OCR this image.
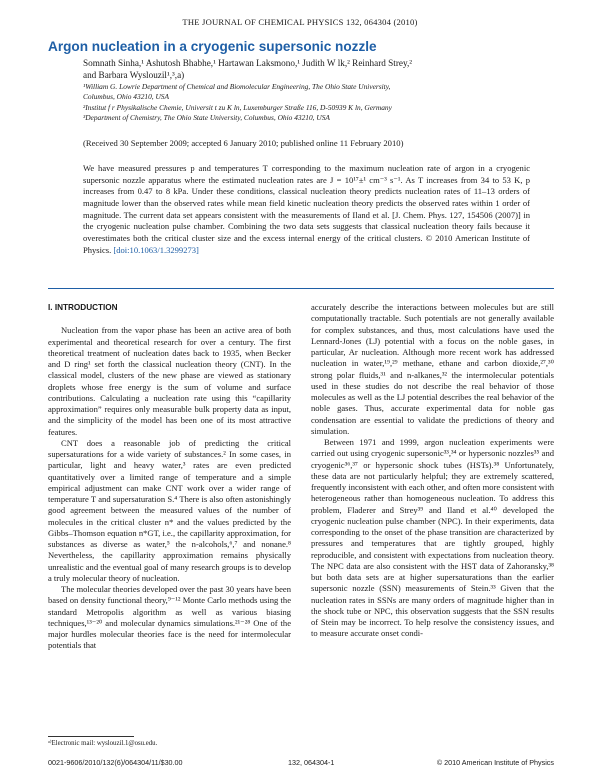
THE JOURNAL OF CHEMICAL PHYSICS 132, 064304 (2010)
Argon nucleation in a cryogenic supersonic nozzle
Somnath Sinha,¹ Ashutosh Bhabhe,¹ Hartawan Laksmono,¹ Judith W lk,² Reinhard Strey,²
and Barbara Wyslouzil¹,³,a)
¹William G. Lowrie Department of Chemical and Biomolecular Engineering, The Ohio State University,
Columbus, Ohio 43210, USA
²Institut f r Physikalische Chemie, Universit t zu K ln, Luxemburger Straße 116, D-50939 K ln, Germany
³Department of Chemistry, The Ohio State University, Columbus, Ohio 43210, USA
(Received 30 September 2009; accepted 6 January 2010; published online 11 February 2010)
We have measured pressures p and temperatures T corresponding to the maximum nucleation rate of argon in a cryogenic supersonic nozzle apparatus where the estimated nucleation rates are J = 10¹⁷±¹ cm⁻³ s⁻¹. As T increases from 34 to 53 K, p increases from 0.47 to 8 kPa. Under these conditions, classical nucleation theory predicts nucleation rates of 11–13 orders of magnitude lower than the observed rates while mean field kinetic nucleation theory predicts the observed rates within 1 order of magnitude. The current data set appears consistent with the measurements of Iland et al. [J. Chem. Phys. 127, 154506 (2007)] in the cryogenic nucleation pulse chamber. Combining the two data sets suggests that classical nucleation theory fails because it overestimates both the critical cluster size and the excess internal energy of the critical clusters. © 2010 American Institute of Physics. [doi:10.1063/1.3299273]

I. INTRODUCTION

Nucleation from the vapor phase has been an active area of both experimental and theoretical research for over a century. The first theoretical treatment of nucleation dates back to 1935, when Becker and D ring¹ set forth the classical nucleation theory (CNT). In the classical model, clusters of the new phase are viewed as stationary droplets whose free energy is the sum of volume and surface contributions. Calculating a nucleation rate using this “capillarity approximation” requires only measurable bulk property data as input, and the simplicity of the model has been one of its most attractive features.

CNT does a reasonable job of predicting the critical supersaturations for a wide variety of substances.² In some cases, in particular, light and heavy water,³ rates are even predicted quantitatively over a limited range of temperature and a simple empirical adjustment can make CNT work over a wider range of temperature T and supersaturation S.⁴ There is also often astonishingly good agreement between the measured values of the number of molecules in the critical cluster n* and the values predicted by the Gibbs–Thomson equation n*GT, i.e., the capillarity approximation, for substances as diverse as water,⁵ the n-alcohols,⁶,⁷ and nonane.⁸ Nevertheless, the capillarity approximation remains physically unrealistic and the eventual goal of many research groups is to develop a truly molecular theory of nucleation.

The molecular theories developed over the past 30 years have been based on density functional theory,⁹⁻¹² Monte Carlo methods using the standard Metropolis algorithm as well as various biasing techniques,¹³⁻²⁰ and molecular dynamics simulations.²¹⁻²⁸ One of the major hurdles molecular theories face is the need for intermolecular potentials that

accurately describe the interactions between molecules but are still computationally tractable. Such potentials are not generally available for complex substances, and thus, most calculations have used the Lennard-Jones (LJ) potential with a focus on the noble gases, in particular, Ar nucleation. Although more recent work has addressed nucleation in water,¹⁹,²⁹ methane, ethane and carbon dioxide,²⁷,³⁰ strong polar fluids,³¹ and n-alkanes,³² the intermolecular potentials used in these studies do not describe the real behavior of those molecules as well as the LJ potential describes the real behavior of the noble gases. Thus, accurate experimental data for noble gas condensation are essential to validate the predictions of theory and simulation.

Between 1971 and 1999, argon nucleation experiments were carried out using cryogenic supersonic³³,³⁴ or hypersonic nozzles³⁵ and cryogenic³⁶,³⁷ or hypersonic shock tubes (HSTs).³⁸ Unfortunately, these data are not particularly helpful; they are extremely scattered, frequently inconsistent with each other, and often more consistent with heterogeneous rather than homogeneous nucleation. To address this problem, Fladerer and Strey³⁹ and Iland et al.⁴⁰ developed the cryogenic nucleation pulse chamber (NPC). In their experiments, data corresponding to the onset of the phase transition are characterized by pressures and temperatures that are tightly grouped, highly reproducible, and consistent with expectations from nucleation theory. The NPC data are also consistent with the HST data of Zahoransky,³⁸ but both data sets are at higher supersaturations than the earlier supersonic nozzle (SSN) measurements of Stein.³³ Given that the nucleation rates in SSNs are many orders of magnitude higher than in the shock tube or NPC, this observation suggests that the SSN results of Stein may be incorrect. To help resolve the consistency issues, and to measure accurate onset condi-

ᵃ⁾Electronic mail: wyslouzil.1@osu.edu.
0021-9606/2010/132(6)/064304/11/$30.00	132, 064304-1	© 2010 American Institute of Physics
